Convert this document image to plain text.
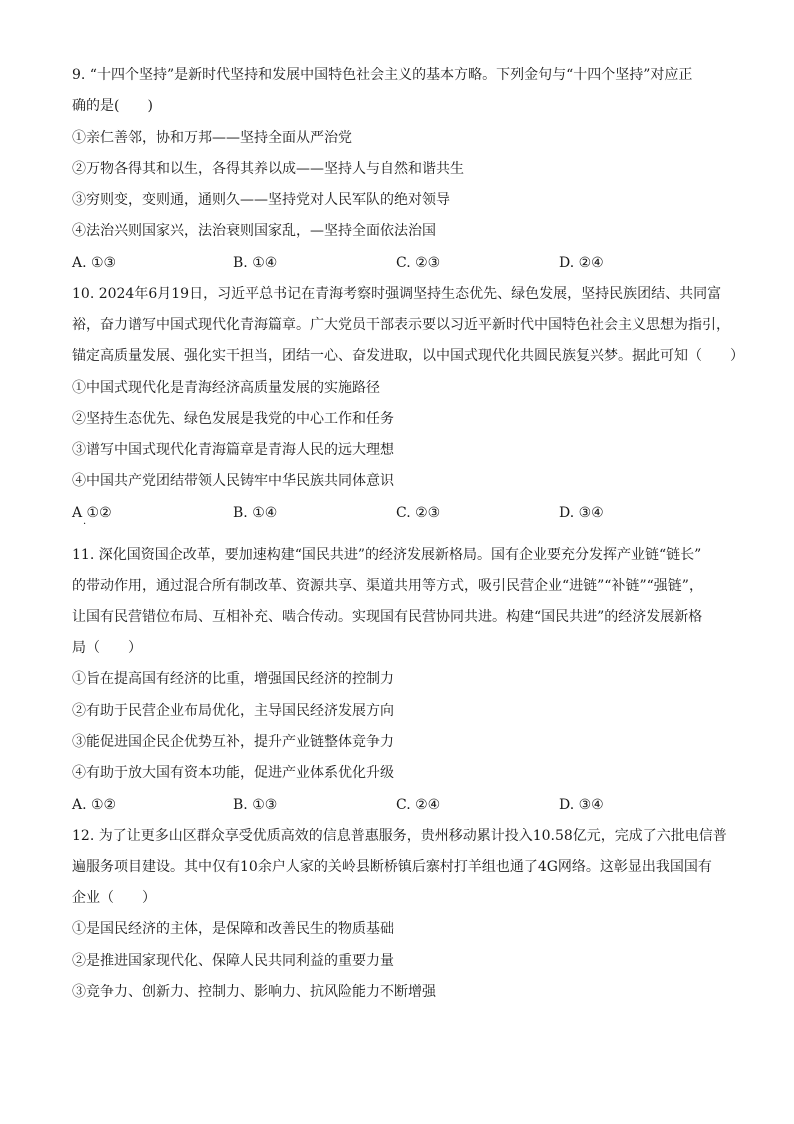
9. “十四个坚持”是新时代坚持和发展中国特色社会主义的基本方略。下列金句与“十四个坚持”对应正
确的是(　　)
①亲仁善邻，协和万邦——坚持全面从严治党
②万物各得其和以生，各得其养以成——坚持人与自然和谐共生
③穷则变，变则通，通则久——坚持党对人民军队的绝对领导
④法治兴则国家兴，法治衰则国家乱，—坚持全面依法治国
A. ①③	B. ①④	C. ②③	D. ②④
10. 2024年6月19日，习近平总书记在青海考察时强调坚持生态优先、绿色发展，坚持民族团结、共同富
裕，奋力谱写中国式现代化青海篇章。广大党员干部表示要以习近平新时代中国特色社会主义思想为指引，
锚定高质量发展、强化实干担当，团结一心、奋发进取，以中国式现代化共圆民族复兴梦。据此可知（　　）
①中国式现代化是青海经济高质量发展的实施路径
②坚持生态优先、绿色发展是我党的中心工作和任务
③谱写中国式现代化青海篇章是青海人民的远大理想
④中国共产党团结带领人民铸牢中华民族共同体意识
A ①②	B. ①④	C. ②③	D. ③④
·
11. 深化国资国企改革，要加速构建“国民共进”的经济发展新格局。国有企业要充分发挥产业链“链长”
的带动作用，通过混合所有制改革、资源共享、渠道共用等方式，吸引民营企业“进链”“补链”“强链”，
让国有民营错位布局、互相补充、啮合传动。实现国有民营协同共进。构建“国民共进”的经济发展新格
局（　　）
①旨在提高国有经济的比重，增强国民经济的控制力
②有助于民营企业布局优化，主导国民经济发展方向
③能促进国企民企优势互补，提升产业链整体竞争力
④有助于放大国有资本功能，促进产业体系优化升级
A. ①②	B. ①③	C. ②④	D. ③④
12. 为了让更多山区群众享受优质高效的信息普惠服务，贵州移动累计投入10.58亿元，完成了六批电信普
遍服务项目建设。其中仅有10余户人家的关岭县断桥镇后寨村打羊组也通了4G网络。这彰显出我国国有
企业（　　）
①是国民经济的主体，是保障和改善民生的物质基础
②是推进国家现代化、保障人民共同利益的重要力量
③竞争力、创新力、控制力、影响力、抗风险能力不断增强
